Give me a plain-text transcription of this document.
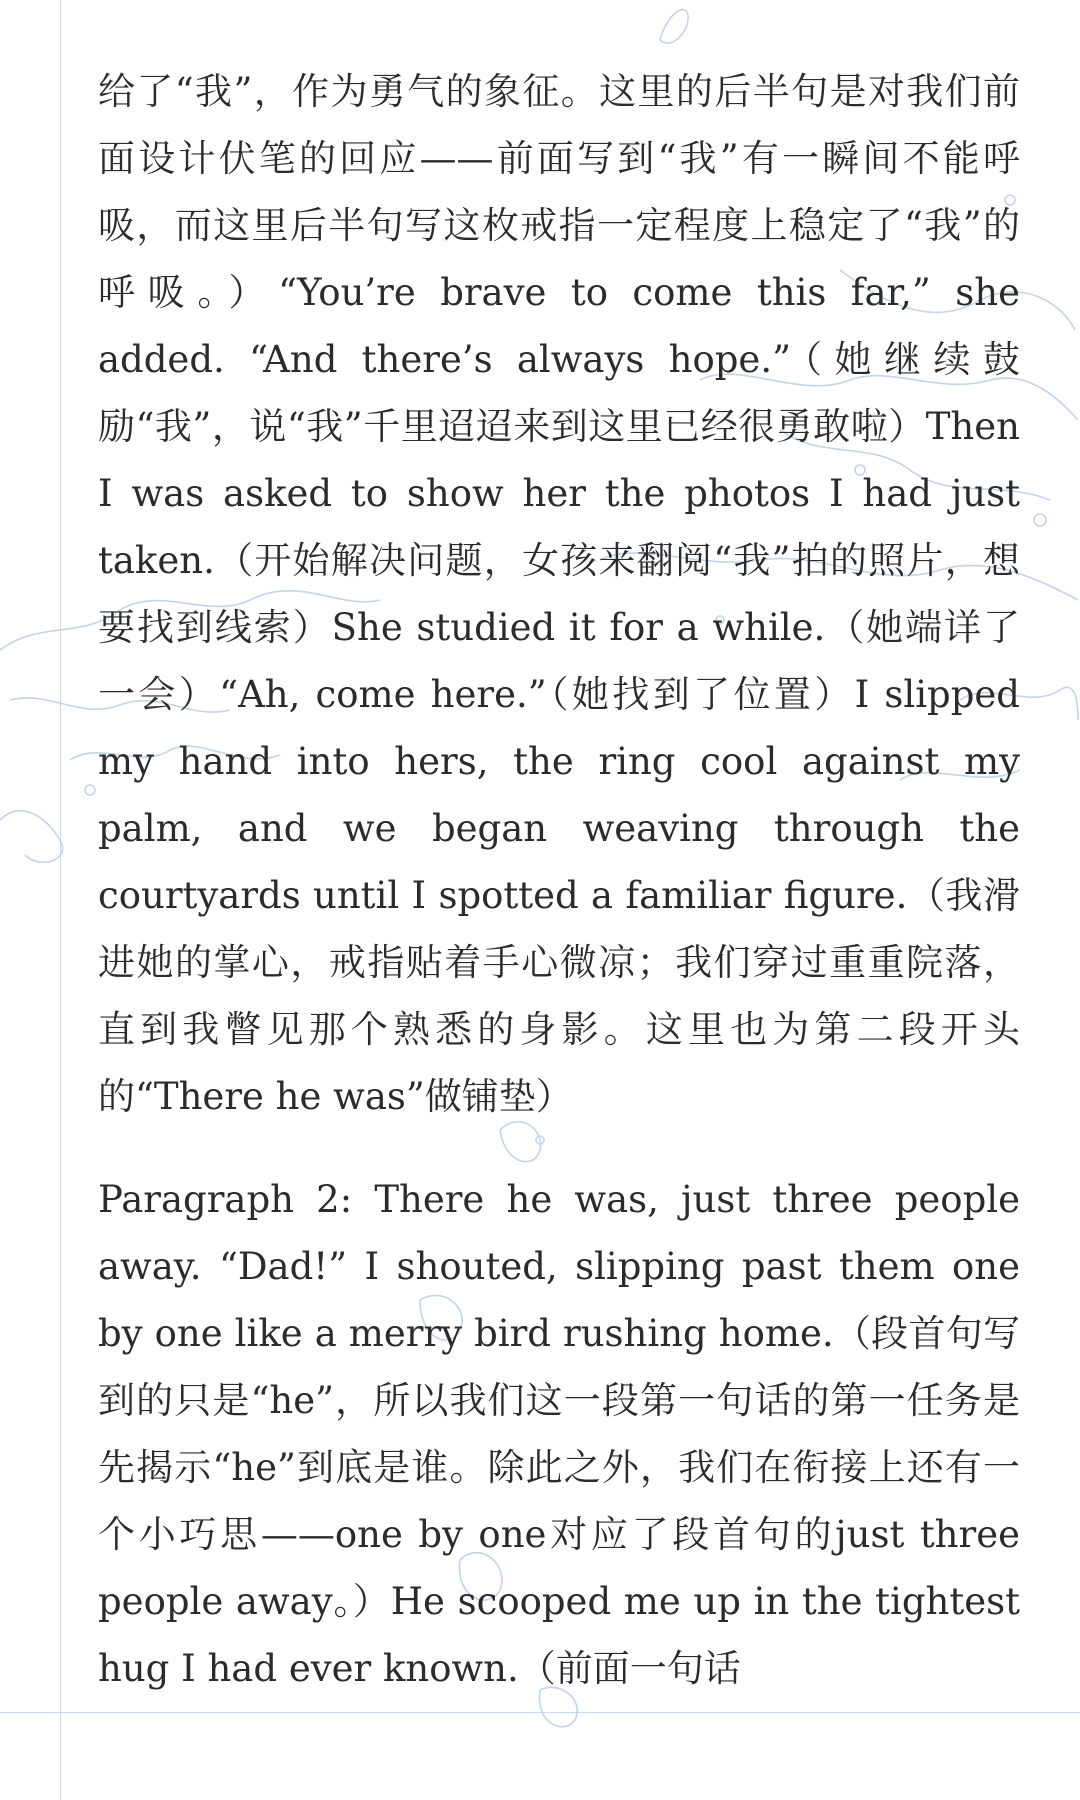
给了“我”，作为勇气的象征。这里的后半句是对我们前面设计伏笔的回应——前面写到“我”有一瞬间不能呼吸，而这里后半句写这枚戒指一定程度上稳定了“我”的呼吸。）“You’re brave to come this far,” she added. “And there’s always hope.”（她继续鼓励“我”，说“我”千里迢迢来到这里已经很勇敢啦）Then I was asked to show her the photos I had just taken.（开始解决问题，女孩来翻阅“我”拍的照片，想要找到线索）She studied it for a while.（她端详了一会）“Ah, come here.”（她找到了位置）I slipped my hand into hers, the ring cool against my palm, and we began weaving through the courtyards until I spotted a familiar figure.（我滑进她的掌心，戒指贴着手心微凉；我们穿过重重院落，直到我瞥见那个熟悉的身影。这里也为第二段开头的“There he was”做铺垫）

Paragraph 2: There he was, just three people away. “Dad!” I shouted, slipping past them one by one like a merry bird rushing home.（段首句写到的只是“he”，所以我们这一段第一句话的第一任务是先揭示“he”到底是谁。除此之外，我们在衔接上还有一个小巧思——one by one对应了段首句的just three people away。）He scooped me up in the tightest hug I had ever known.（前面一句话
